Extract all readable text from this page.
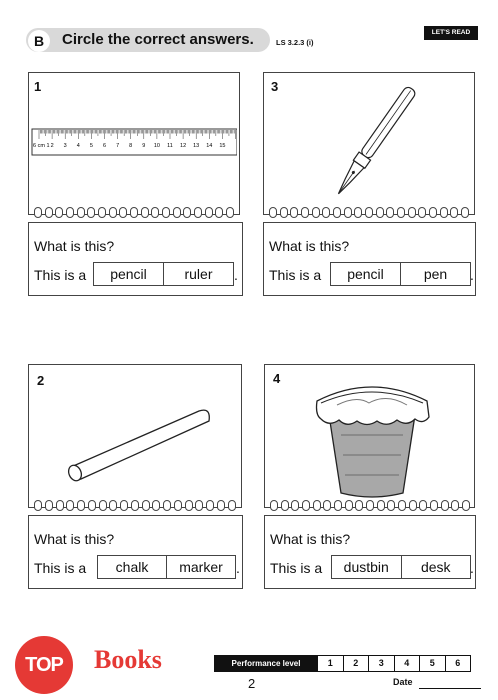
B	Circle the correct answers.	LS 3.2.3 (i)
LET'S READ
1
6 cm 1 2 3 4 5 6 7 8 9 10 11 12 13 14 15
What is this?
This is a	pencil	ruler	.
3
What is this?
This is a	pencil	pen	.
2
What is this?
This is a	chalk	marker .
4
What is this?
This is a	dustbin	desk	.
TOP	Books
2
Performance level	1	2	3	4	5	6
Date
